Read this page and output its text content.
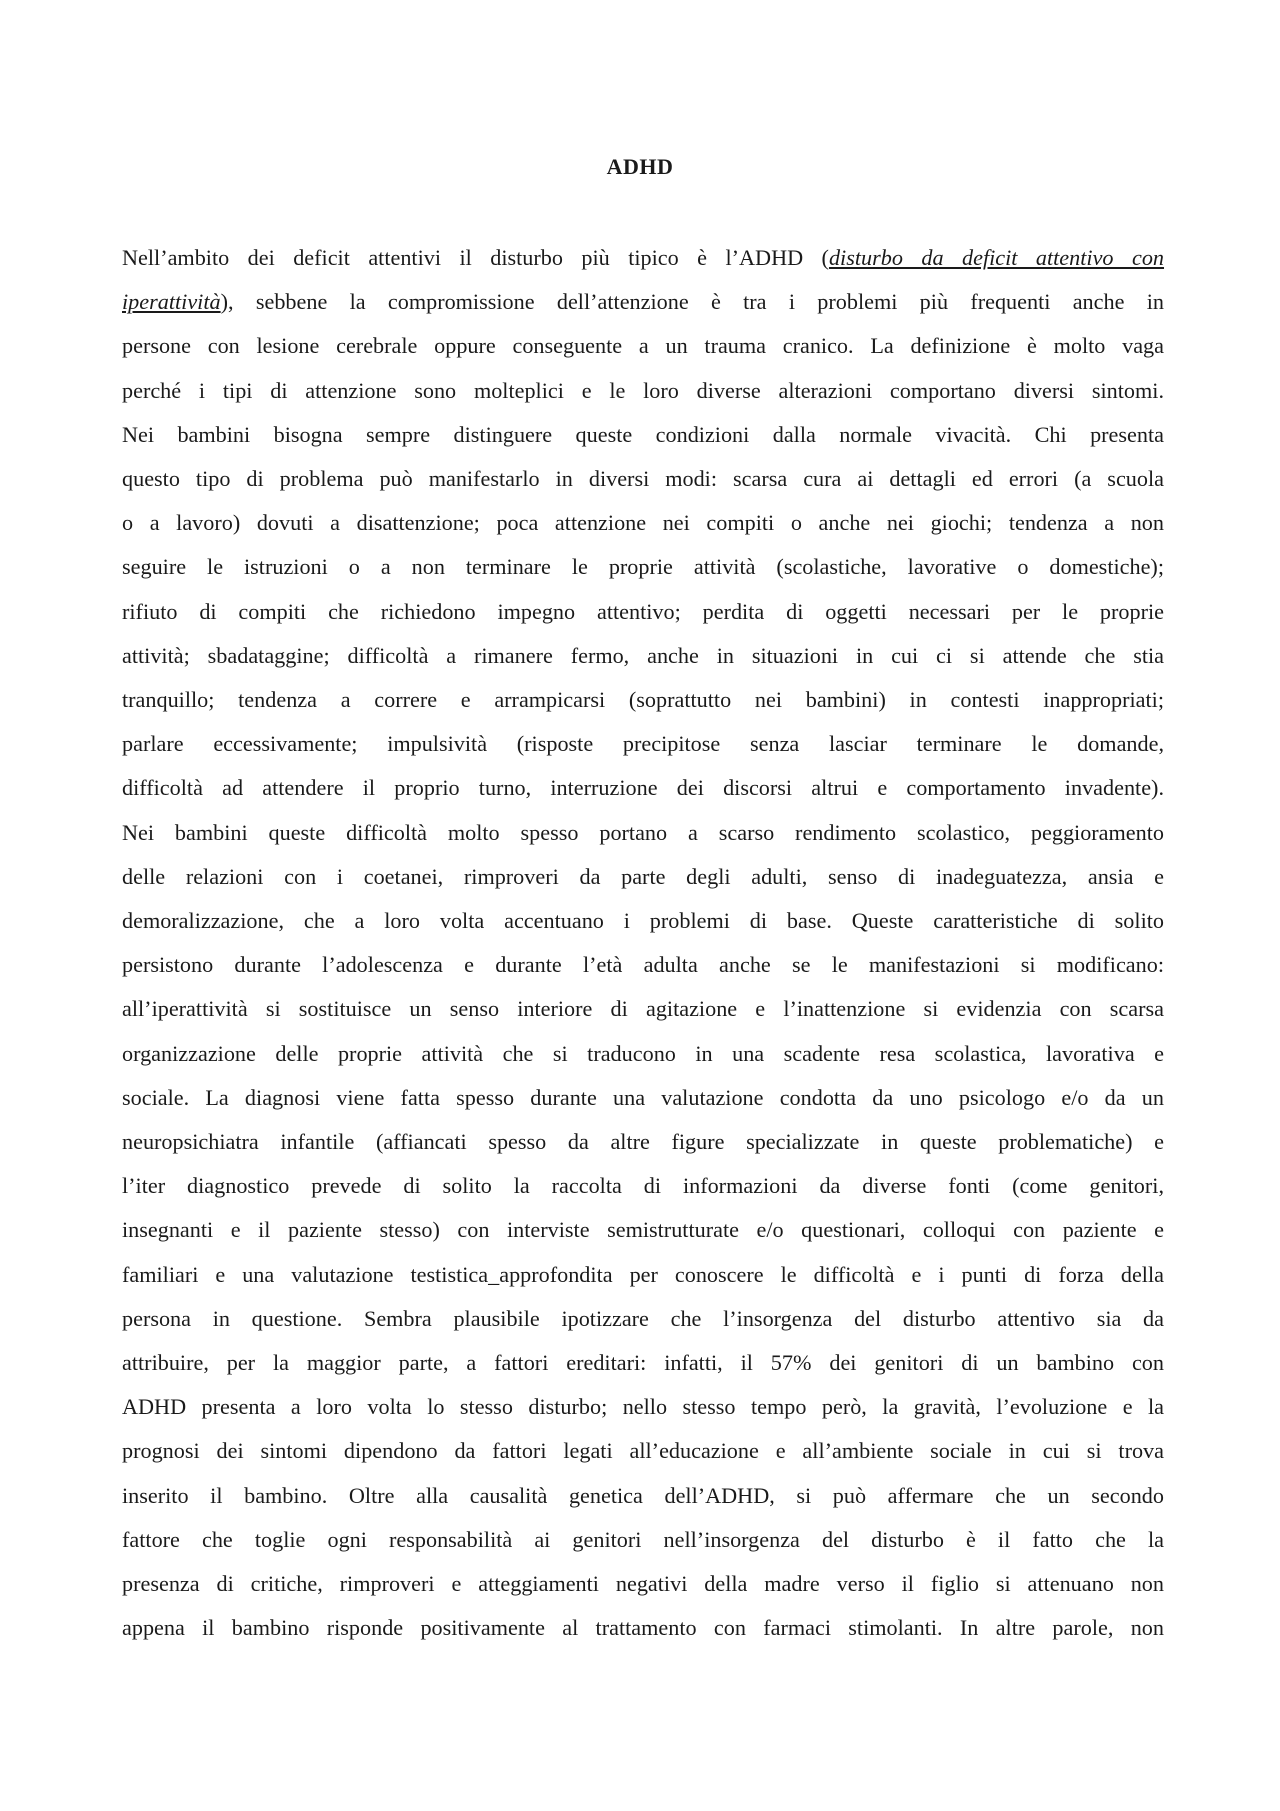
ADHD
Nell’ambito dei deficit attentivi il disturbo più tipico è l’ADHD (disturbo da deficit attentivo con
iperattività), sebbene la compromissione dell’attenzione è tra i problemi più frequenti anche in
persone con lesione cerebrale oppure conseguente a un trauma cranico. La definizione è molto vaga
perché i tipi di attenzione sono molteplici e le loro diverse alterazioni comportano diversi sintomi.
Nei bambini bisogna sempre distinguere queste condizioni dalla normale vivacità. Chi presenta
questo tipo di problema può manifestarlo in diversi modi: scarsa cura ai dettagli ed errori (a scuola
o a lavoro) dovuti a disattenzione; poca attenzione nei compiti o anche nei giochi; tendenza a non
seguire le istruzioni o a non terminare le proprie attività (scolastiche, lavorative o domestiche);
rifiuto di compiti che richiedono impegno attentivo; perdita di oggetti necessari per le proprie
attività; sbadataggine; difficoltà a rimanere fermo, anche in situazioni in cui ci si attende che stia
tranquillo; tendenza a correre e arrampicarsi (soprattutto nei bambini) in contesti inappropriati;
parlare eccessivamente; impulsività (risposte precipitose senza lasciar terminare le domande,
difficoltà ad attendere il proprio turno, interruzione dei discorsi altrui e comportamento invadente).
Nei bambini queste difficoltà molto spesso portano a scarso rendimento scolastico, peggioramento
delle relazioni con i coetanei, rimproveri da parte degli adulti, senso di inadeguatezza, ansia e
demoralizzazione, che a loro volta accentuano i problemi di base. Queste caratteristiche di solito
persistono durante l’adolescenza e durante l’età adulta anche se le manifestazioni si modificano:
all’iperattività si sostituisce un senso interiore di agitazione e l’inattenzione si evidenzia con scarsa
organizzazione delle proprie attività che si traducono in una scadente resa scolastica, lavorativa e
sociale. La diagnosi viene fatta spesso durante una valutazione condotta da uno psicologo e/o da un
neuropsichiatra infantile (affiancati spesso da altre figure specializzate in queste problematiche) e
l’iter diagnostico prevede di solito la raccolta di informazioni da diverse fonti (come genitori,
insegnanti e il paziente stesso) con interviste semistrutturate e/o questionari, colloqui con paziente e
familiari e una valutazione testistica_approfondita per conoscere le difficoltà e i punti di forza della
persona in questione. Sembra plausibile ipotizzare che l’insorgenza del disturbo attentivo sia da
attribuire, per la maggior parte, a fattori ereditari: infatti, il 57% dei genitori di un bambino con
ADHD presenta a loro volta lo stesso disturbo; nello stesso tempo però, la gravità, l’evoluzione e la
prognosi dei sintomi dipendono da fattori legati all’educazione e all’ambiente sociale in cui si trova
inserito il bambino. Oltre alla causalità genetica dell’ADHD, si può affermare che un secondo
fattore che toglie ogni responsabilità ai genitori nell’insorgenza del disturbo è il fatto che la
presenza di critiche, rimproveri e atteggiamenti negativi della madre verso il figlio si attenuano non
appena il bambino risponde positivamente al trattamento con farmaci stimolanti. In altre parole, non
